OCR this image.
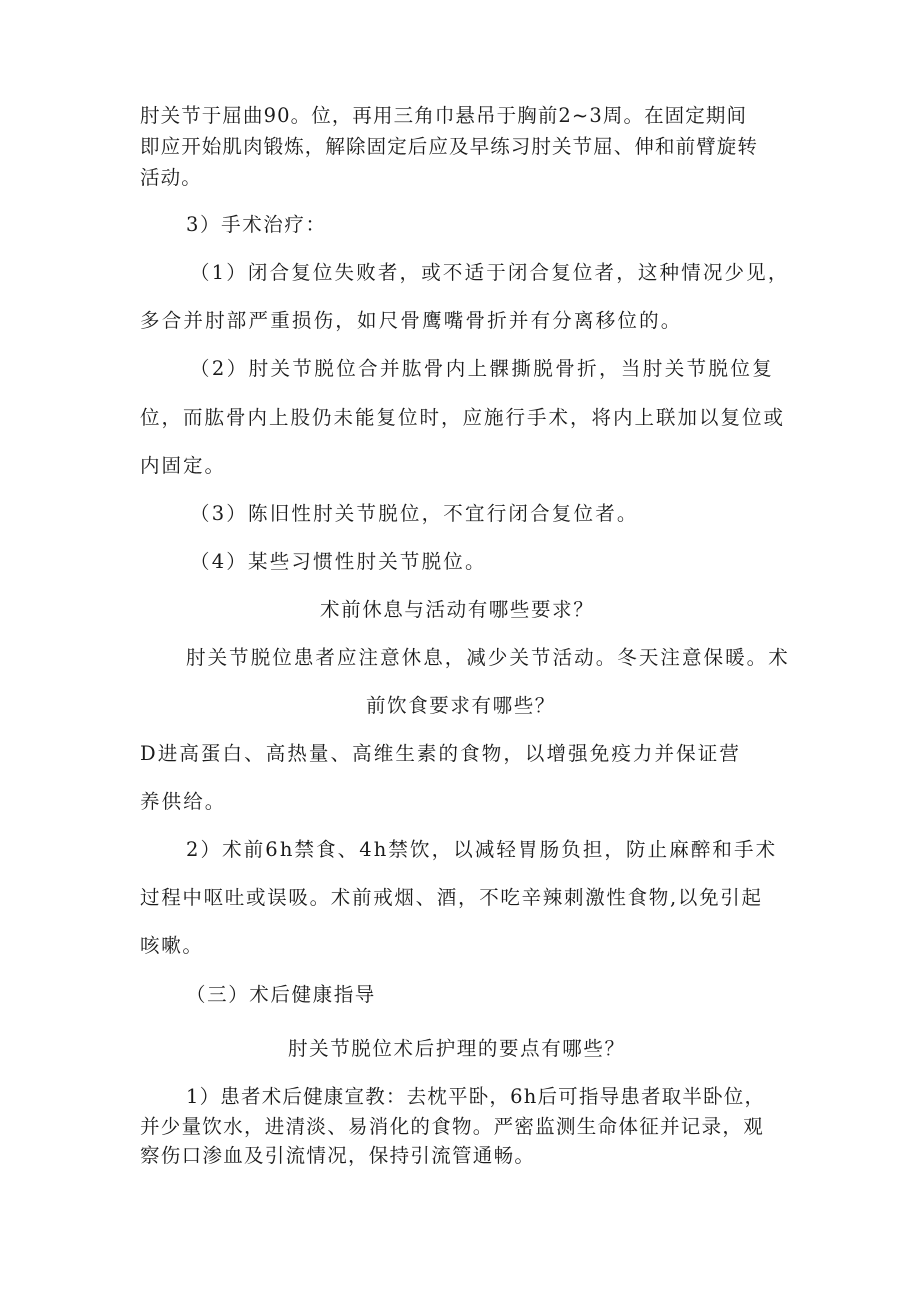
肘关节于屈曲90。位，再用三角巾悬吊于胸前2~3周。在固定期间
即应开始肌肉锻炼，解除固定后应及早练习肘关节屈、伸和前臂旋转
活动。
3）手术治疗：
（1）闭合复位失败者，或不适于闭合复位者，这种情况少见，
多合并肘部严重损伤，如尺骨鹰嘴骨折并有分离移位的。
（2）肘关节脱位合并肱骨内上髁撕脱骨折，当肘关节脱位复
位，而肱骨内上股仍未能复位时，应施行手术，将内上联加以复位或
内固定。
（3）陈旧性肘关节脱位，不宜行闭合复位者。
（4）某些习惯性肘关节脱位。
术前休息与活动有哪些要求？
肘关节脱位患者应注意休息，减少关节活动。冬天注意保暖。术
前饮食要求有哪些？
D进高蛋白、高热量、高维生素的食物，以增强免疫力并保证营
养供给。
2）术前6h禁食、4h禁饮，以减轻胃肠负担，防止麻醉和手术
过程中呕吐或误吸。术前戒烟、酒，不吃辛辣刺激性食物,以免引起
咳嗽。
（三）术后健康指导
肘关节脱位术后护理的要点有哪些？
1）患者术后健康宣教：去枕平卧，6h后可指导患者取半卧位，
并少量饮水，进清淡、易消化的食物。严密监测生命体征并记录，观
察伤口渗血及引流情况，保持引流管通畅。
